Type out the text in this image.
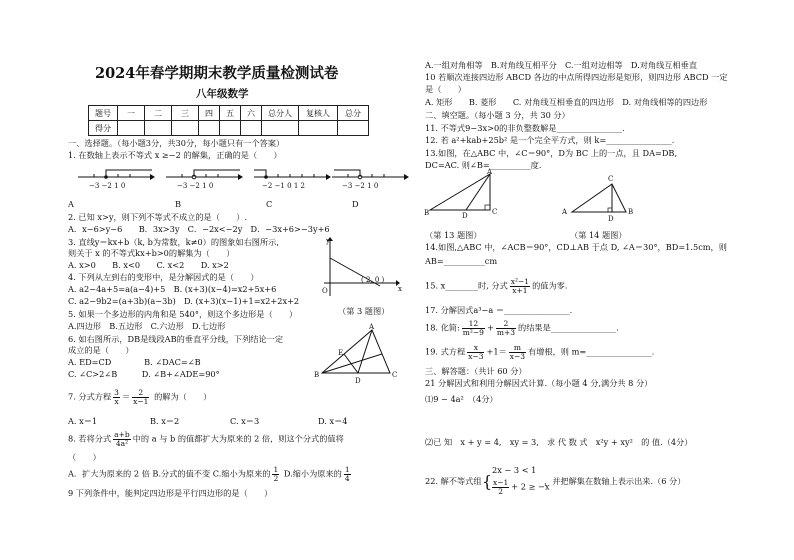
2024年春学期期末教学质量检测试卷
八年级数学
题号	一	二	三	四	五	六	总分人	复核人	总分
得分									
一、选择题。（每小题3分，共30分，每小题只有一个答案）
1. 在数轴上表示不等式 x ≥−2 的解集，正确的是（　　）
−3 −2 1 0	−3 −2 1 0	−2 −1 0 1 2	−3 −2 1 0
A	B	C	D
2. 已知 x>y，则下列不等式不成立的是（　　）.
A．x−6>y−6　　B．3x>3y　C．−2x<−2y　D．−3x+6>−3y+6
3. 直线y＝kx+b（k, b为常数，k≠0）的图象如右图所示,
则关于 x 的不等式kx+b>0的解集为（　　）
A. x>0　　B. x<0　　C. x<2　　D. x>2
4. 下列从左到右的变形中，是分解因式的是（　　）
A. a2−4a+5=a(a−4)+5　B. (x+3)(x−4)=x2+5x+6
C. a2−9b2=(a+3b)(a−3b)　D. (x+3)(x−1)+1=x2+2x+2
5. 如果一个多边形的内角和是 540°，则这个多边形是（　　）
A.四边形　B.五边形　C.六边形　D.七边形
6. 如右图所示，DB是线段AB的垂直平分线，下列结论一定
成立的是（　　）
A. ED=CD　　　　B. ∠DAC=∠B
C. ∠C>2∠B　　　D. ∠B+∠ADE=90°
y
x
O
( 2, 0 )
（第 3 题图）
A
B	C
D
E
7. 分式方程 $\frac{3}{x} = \frac{2}{x-1}$ 的解为（　　）
A. x＝1	B. x＝2	C. x＝3	D. x＝4
8. 若将分式 $\frac{a+b}{\text{4a²}}$ 中的 a 与 b 的值都扩大为原来的 2 倍，则这个分式的值将
（　　）
A．扩大为原来的 2 倍 B.分式的值不变 C.缩小为原来的 $\frac{1}{2} D$.缩小为原来的 $\frac{1}{4}$
9 下列条件中，能判定四边形是平行四边形的是（　　）
A.一组对角相等　B.对角线互相平分　C.一组对边相等　D.对角线互相垂直
10 若顺次连接四边形 ABCD 各边的中点所得四边形是矩形，则四边形 ABCD 一定
是（　　）
A. 矩形　　B. 菱形　　C. 对角线互相垂直的四边形　D. 对角线相等的四边形
二、填空题。（每小题 3 分，共 30 分）
11. 不等式9−3x>0的非负整数解是________________.
12. 若 a²+kab+25b² 是一个完全平方式，则 k=________________.
13.如图，在△ABC 中，∠C＝90°，D为 BC 上的一点，且 DA=DB,
DC=AC. 则∠B=__________度.
A
B	C
D
C
A	B
D
（第 13 题图）	（第 14 题图）
14.如图,△ABC 中，∠ACB＝90°，CD⊥AB 于点 D, ∠A＝30°，BD=1.5cm，则
AB=__________cm
15. x________时, 分式 $\frac{\text{x²−1}}{x+1}$ 的值为零.
17. 分解因式a³−a ＝________________.
18. 化简: $\frac{12}{\text{m²−9}} + \frac{2}{m+3}$ 的结果是________________.
19. 式方程 $\frac{x}{x-3} +1= \frac{m}{x-3}$ 有增根，则 m=________________.
三、解答题：（共计 60 分）
21 分解因式和利用分解因式计算.（每小题 4 分,满分共 8 分）
⑴9 − 4a²　（4分）
⑵已 知　x + y = 4,　xy = 3,　求 代 数 式　x²y + xy²　的 值.（4分）
22. 解不等式组 {
2x − 3 < 1
$\frac{x-1}{2} + 2 \ge -x$
，并把解集在数轴上表示出来.（6 分）
